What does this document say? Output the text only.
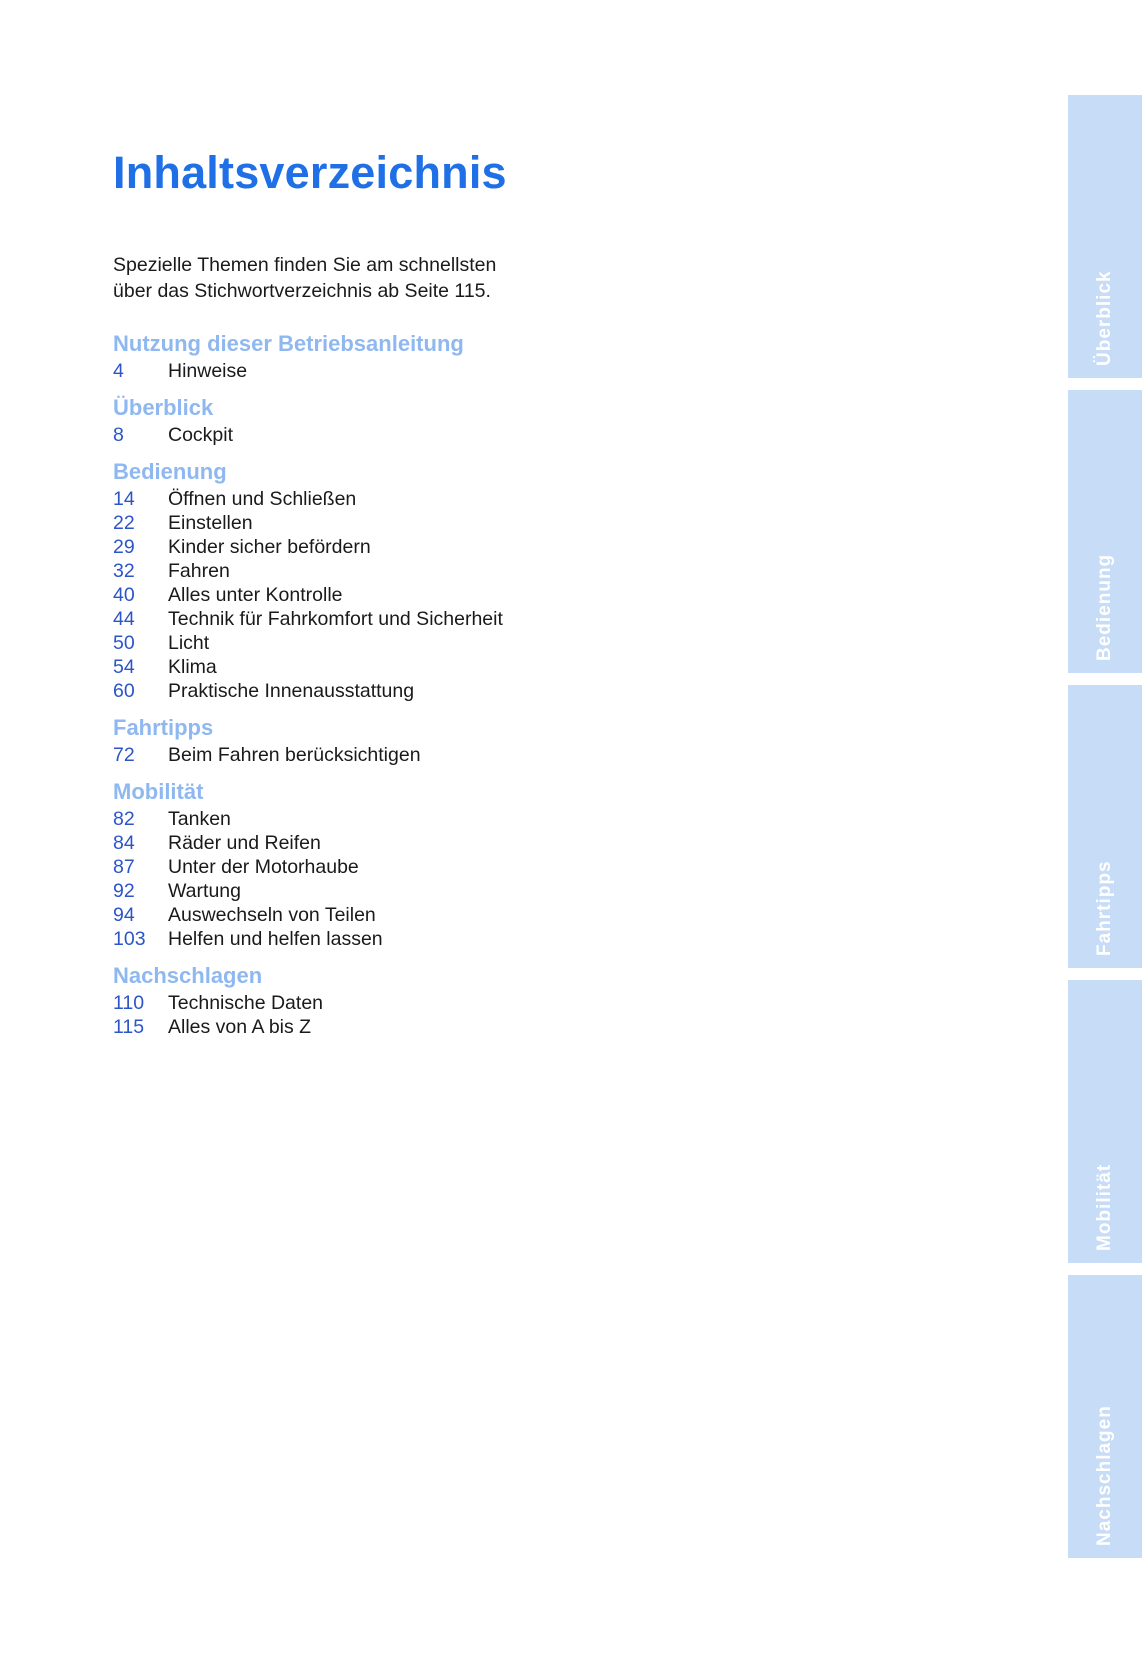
Inhaltsverzeichnis

Spezielle Themen finden Sie am schnellsten

über das Stichwortverzeichnis ab Seite 115.

Nutzung dieser Betriebsanleitung
4	Hinweise
Überblick
8	Cockpit
Bedienung
14	Öffnen und Schließen
22	Einstellen
29	Kinder sicher befördern
32	Fahren
40	Alles unter Kontrolle
44	Technik für Fahrkomfort und Sicherheit
50	Licht
54	Klima
60	Praktische Innenausstattung
Fahrtipps
72	Beim Fahren berücksichtigen
Mobilität
82	Tanken
84	Räder und Reifen
87	Unter der Motorhaube
92	Wartung
94	Auswechseln von Teilen
103	Helfen und helfen lassen
Nachschlagen
110	Technische Daten
115	Alles von A bis Z
Überblick
Bedienung
Fahrtipps
Mobilität
Nachschlagen
